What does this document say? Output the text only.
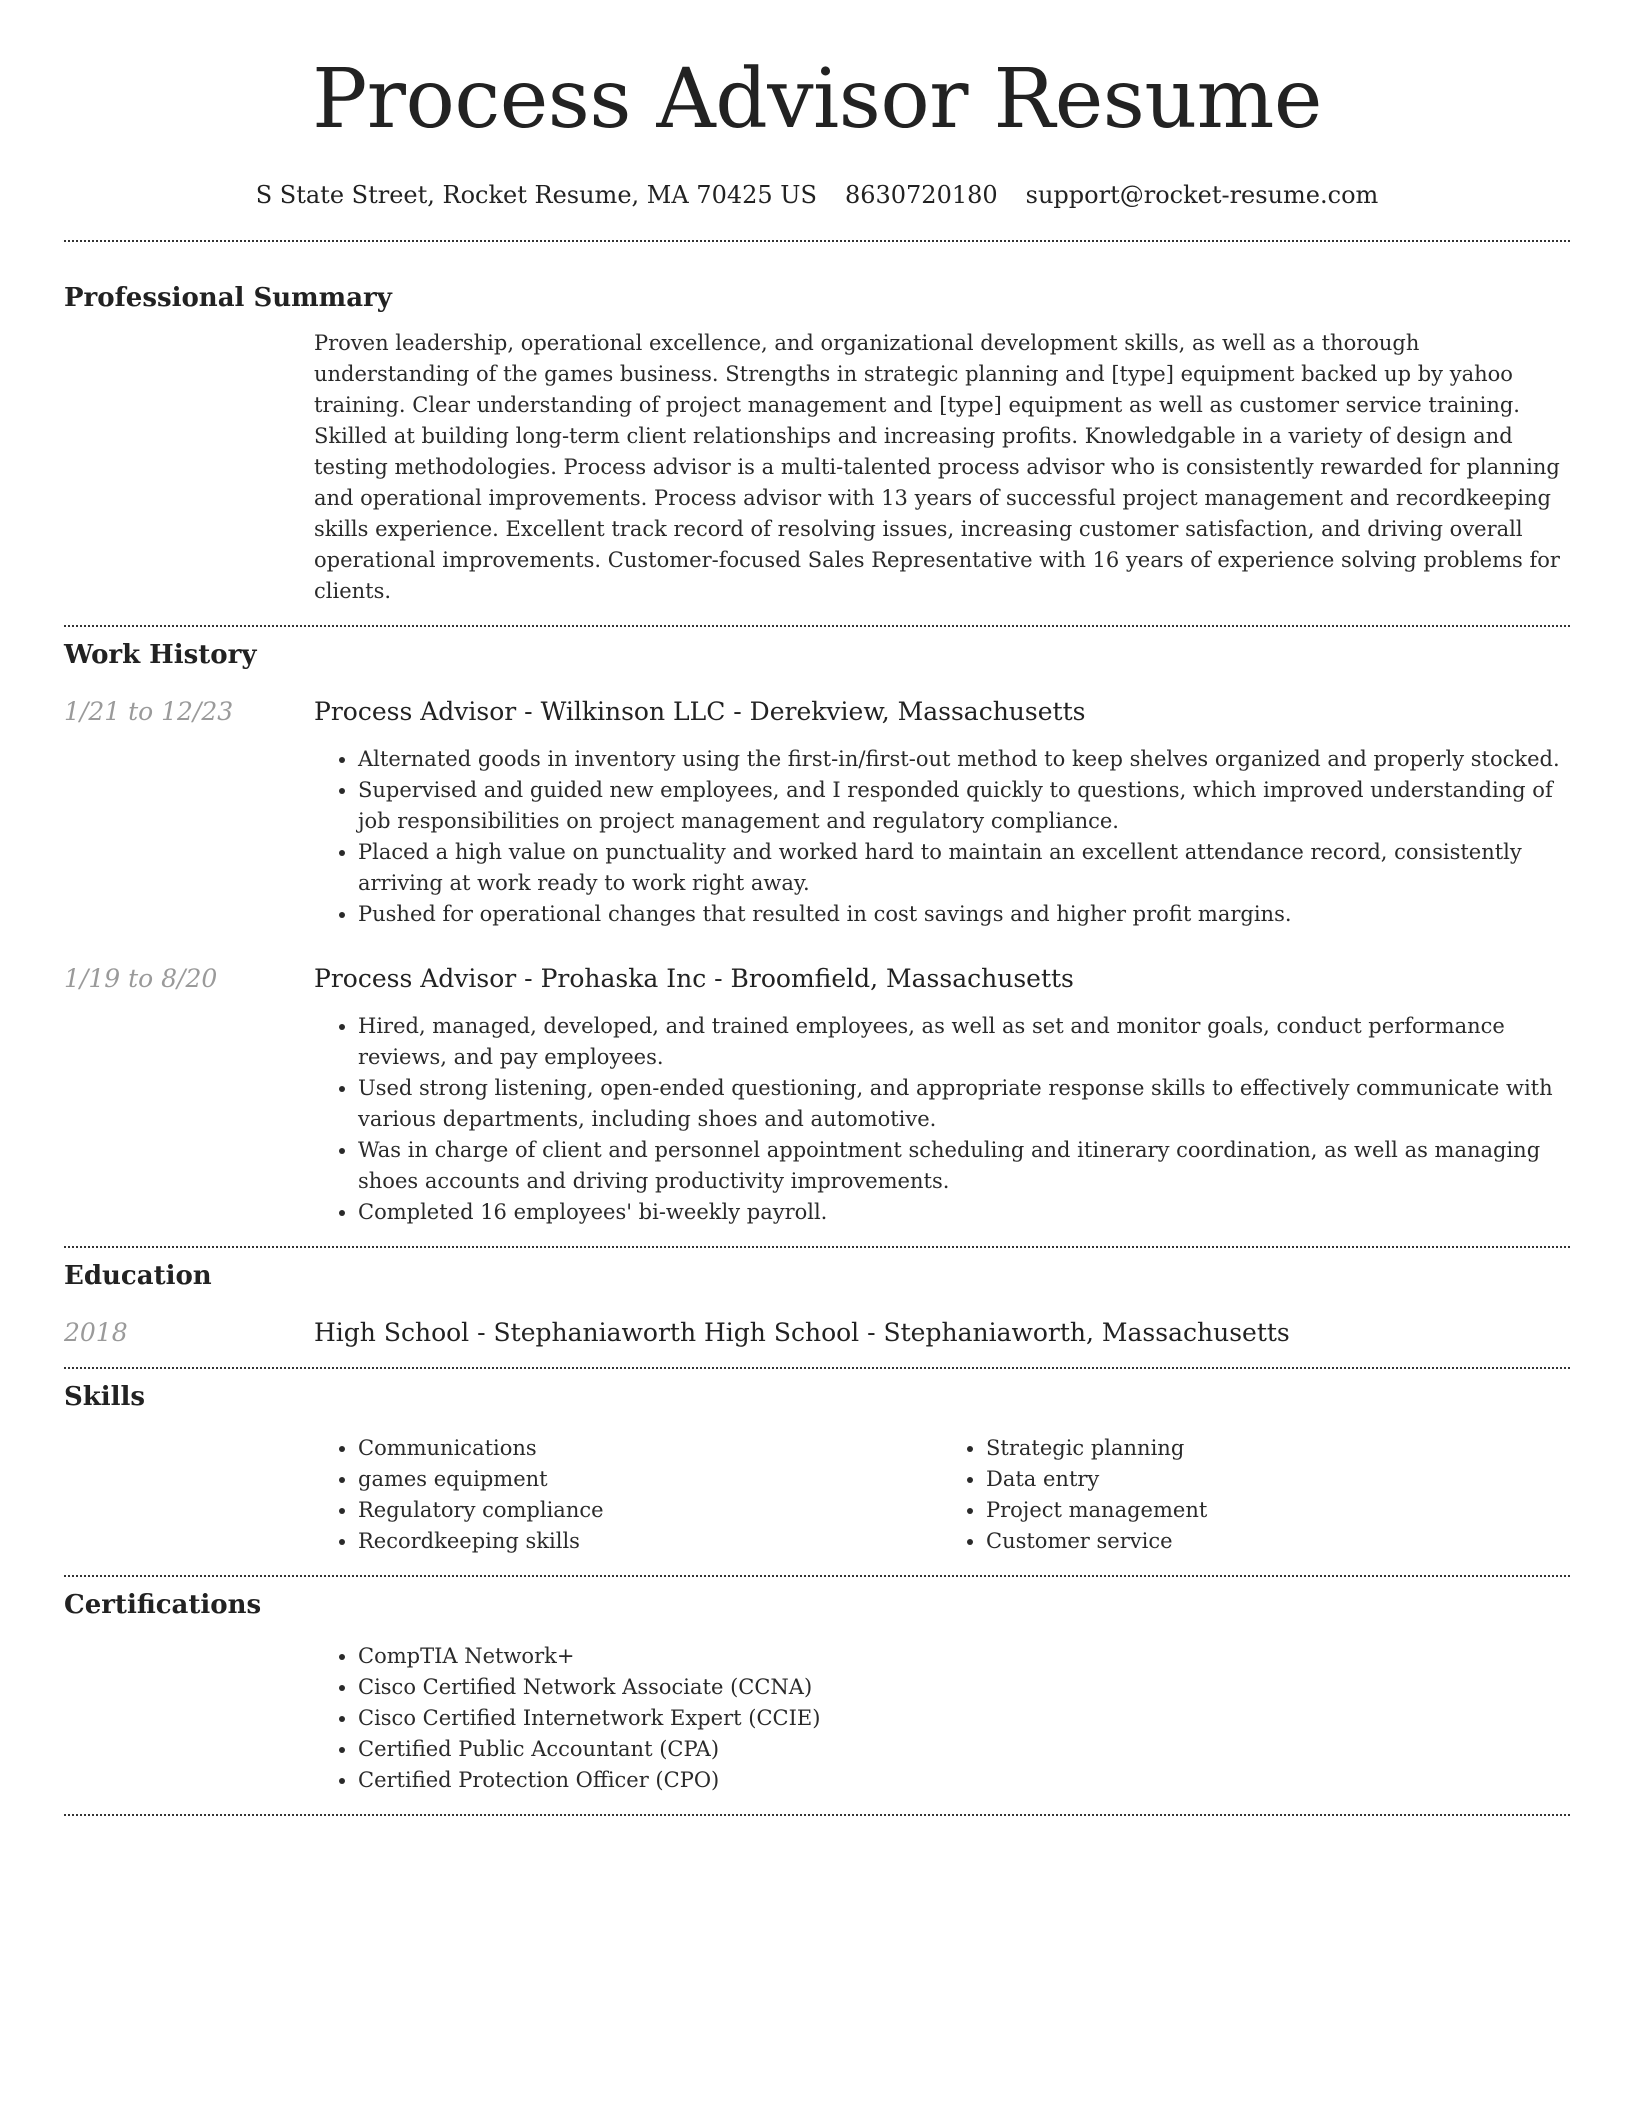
Process Advisor Resume
S State Street, Rocket Resume, MA 70425 US 8630720180 support@rocket-resume.com
Professional Summary

Proven leadership, operational excellence, and organizational development skills, as well as a thorough understanding of the games business. Strengths in strategic planning and [type] equipment backed up by yahoo training. Clear understanding of project management and [type] equipment as well as customer service training. Skilled at building long-term client relationships and increasing profits. Knowledgable in a variety of design and testing methodologies. Process advisor is a multi-talented process advisor who is consistently rewarded for planning and operational improvements. Process advisor with 13 years of successful project management and recordkeeping skills experience. Excellent track record of resolving issues, increasing customer satisfaction, and driving overall operational improvements. Customer-focused Sales Representative with 16 years of experience solving problems for clients.

Work History
1/21 to 12/23	Process Advisor - Wilkinson LLC - Derekview, Massachusetts
• Alternated goods in inventory using the first-in/first-out method to keep shelves organized and properly stocked.
• Supervised and guided new employees, and I responded quickly to questions, which improved understanding of job responsibilities on project management and regulatory compliance.
• Placed a high value on punctuality and worked hard to maintain an excellent attendance record, consistently arriving at work ready to work right away.
• Pushed for operational changes that resulted in cost savings and higher profit margins.
1/19 to 8/20	Process Advisor - Prohaska Inc - Broomfield, Massachusetts
• Hired, managed, developed, and trained employees, as well as set and monitor goals, conduct performance reviews, and pay employees.
• Used strong listening, open-ended questioning, and appropriate response skills to effectively communicate with various departments, including shoes and automotive.
• Was in charge of client and personnel appointment scheduling and itinerary coordination, as well as managing shoes accounts and driving productivity improvements.
• Completed 16 employees' bi-weekly payroll.
Education
2018	High School - Stephaniaworth High School - Stephaniaworth, Massachusetts
Skills
• Communications
• games equipment
• Regulatory compliance
• Recordkeeping skills
• Strategic planning
• Data entry
• Project management
• Customer service
Certifications
• CompTIA Network+
• Cisco Certified Network Associate (CCNA)
• Cisco Certified Internetwork Expert (CCIE)
• Certified Public Accountant (CPA)
• Certified Protection Officer (CPO)
